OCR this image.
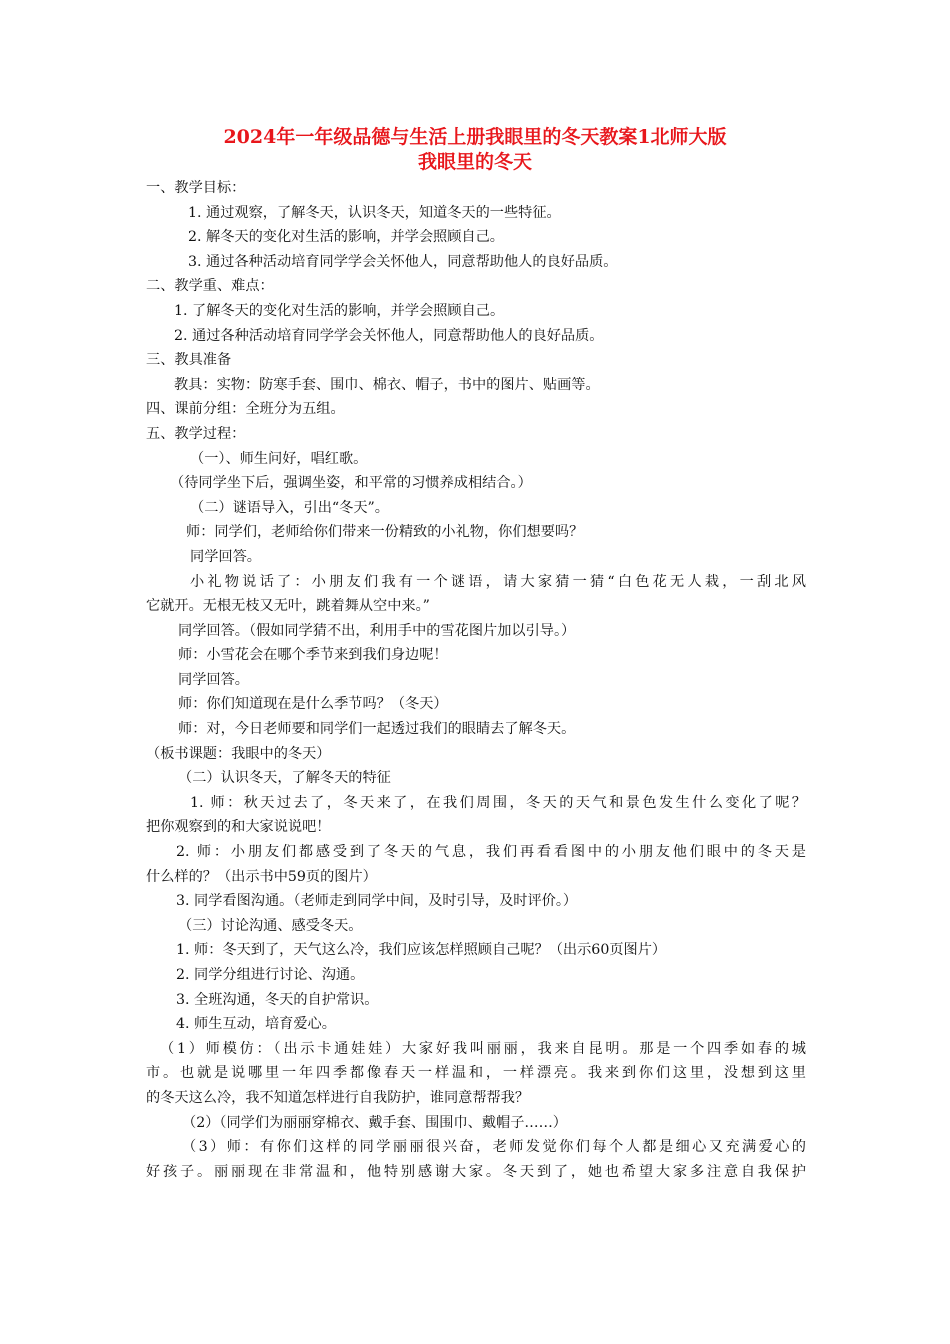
2024年一年级品德与生活上册我眼里的冬天教案1北师大版
我眼里的冬天
一、教学目标：
1. 通过观察，了解冬天，认识冬天，知道冬天的一些特征。
2. 解冬天的变化对生活的影响，并学会照顾自己。
3. 通过各种活动培育同学学会关怀他人，同意帮助他人的良好品质。
二、教学重、难点：
1. 了解冬天的变化对生活的影响，并学会照顾自己。
2. 通过各种活动培育同学学会关怀他人，同意帮助他人的良好品质。
三、教具准备
教具：实物：防寒手套、围巾、棉衣、帽子，书中的图片、贴画等。
四、课前分组：全班分为五组。
五、教学过程：
（一）、师生问好，唱红歌。
（待同学坐下后，强调坐姿，和平常的习惯养成相结合。）
（二）谜语导入，引出“冬天”。
师：同学们，老师给你们带来一份精致的小礼物，你们想要吗？
同学回答。
小礼物说话了：小朋友们我有一个谜语，请大家猜一猜“白色花无人栽，一刮北风
它就开。无根无枝又无叶，跳着舞从空中来。”
同学回答。（假如同学猜不出，利用手中的雪花图片加以引导。）
师：小雪花会在哪个季节来到我们身边呢！
同学回答。
师：你们知道现在是什么季节吗？（冬天）
师：对，今日老师要和同学们一起透过我们的眼睛去了解冬天。
（板书课题：我眼中的冬天）
（二）认识冬天，了解冬天的特征
1. 师：秋天过去了，冬天来了，在我们周围，冬天的天气和景色发生什么变化了呢？
把你观察到的和大家说说吧！
2. 师：小朋友们都感受到了冬天的气息，我们再看看图中的小朋友他们眼中的冬天是
什么样的？（出示书中59页的图片）
3. 同学看图沟通。（老师走到同学中间，及时引导，及时评价。）
（三）讨论沟通、感受冬天。
1. 师：冬天到了，天气这么冷，我们应该怎样照顾自己呢？（出示60页图片）
2. 同学分组进行讨论、沟通。
3. 全班沟通，冬天的自护常识。
4. 师生互动，培育爱心。
（1）师模仿：（出示卡通娃娃）大家好我叫丽丽，我来自昆明。那是一个四季如春的城
市。也就是说哪里一年四季都像春天一样温和，一样漂亮。我来到你们这里，没想到这里
的冬天这么冷，我不知道怎样进行自我防护，谁同意帮帮我？
（2）（同学们为丽丽穿棉衣、戴手套、围围巾、戴帽子……）
（3）师：有你们这样的同学丽丽很兴奋，老师发觉你们每个人都是细心又充满爱心的
好孩子。丽丽现在非常温和，他特别感谢大家。冬天到了，她也希望大家多注意自我保护
